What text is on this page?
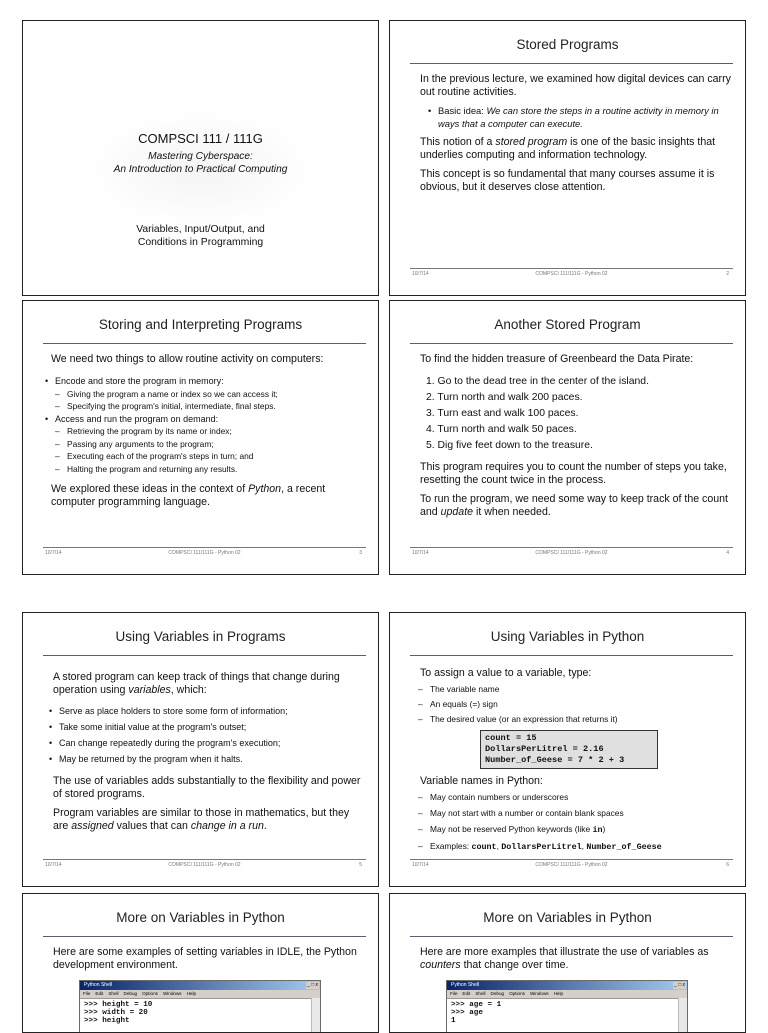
COMPSCI 111 / 111G
Mastering Cyberspace:
An Introduction to Practical Computing
Variables, Input/Output, and
Conditions in Programming
Stored Programs

In the previous lecture, we examined how digital devices can carry out routine activities.

• Basic idea: We can store the steps in a routine activity in memory in ways that a computer can execute.

This notion of a stored program is one of the basic insights that underlies computing and information technology.

This concept is so fundamental that many courses assume it is obvious, but it deserves close attention.

10/7/14	COMPSCI 111/111G - Python 02	2
Storing and Interpreting Programs

We need two things to allow routine activity on computers:

• Encode and store the program in memory:
– Giving the program a name or index so we can access it;
– Specifying the program's initial, intermediate, final steps.
• Access and run the program on demand:
– Retrieving the program by its name or index;
– Passing any arguments to the program;
– Executing each of the program's steps in turn; and
– Halting the program and returning any results.

We explored these ideas in the context of Python, a recent computer programming language.

10/7/14	COMPSCI 111/111G - Python 02	3
Another Stored Program

To find the hidden treasure of Greenbeard the Data Pirate:

1. Go to the dead tree in the center of the island.
2. Turn north and walk 200 paces.
3. Turn east and walk 100 paces.
4. Turn north and walk 50 paces.
5. Dig five feet down to the treasure.

This program requires you to count the number of steps you take, resetting the count twice in the process.

To run the program, we need some way to keep track of the count and update it when needed.

10/7/14	COMPSCI 111/111G - Python 02	4
Using Variables in Programs

A stored program can keep track of things that change during operation using variables, which:

• Serve as place holders to store some form of information;
• Take some initial value at the program's outset;
• Can change repeatedly during the program's execution;
• May be returned by the program when it halts.

The use of variables adds substantially to the flexibility and power of stored programs.

Program variables are similar to those in mathematics, but they are assigned values that can change in a run.

10/7/14	COMPSCI 111/111G - Python 02	5
Using Variables in Python

To assign a value to a variable, type:

– The variable name
– An equals (=) sign
– The desired value (or an expression that returns it)
count = 15
DollarsPerLitrel = 2.16
Number_of_Geese = 7 * 2 + 3

Variable names in Python:

– May contain numbers or underscores
– May not start with a number or contain blank spaces
– May not be reserved Python keywords (like in)
– Examples: count, DollarsPerLitrel, Number_of_Geese
10/7/14	COMPSCI 111/111G - Python 02	6
More on Variables in Python

Here are some examples of setting variables in IDLE, the Python development environment.

Python Shell	_ □ x
File Edit Shell Debug Options Windows Help
>>> height = 10
>>> width = 20
>>> height
More on Variables in Python

Here are more examples that illustrate the use of variables as counters that change over time.

Python Shell	_ □ x
File Edit Shell Debug Options Windows Help
>>> age = 1
>>> age
1
